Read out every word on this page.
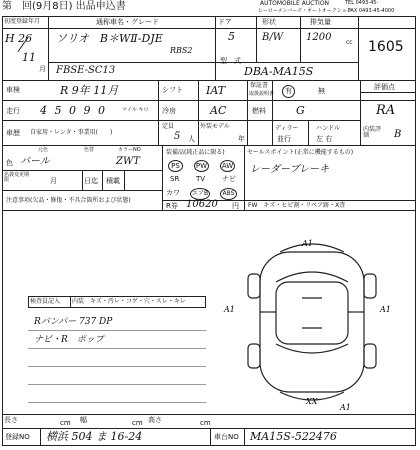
第　回(9月8日) 出品申込書	AUTOMOBILE AUCTION
ヒーローメンバーズ・オートオークション
TEL 0493-45-
FAX 0493-45-4000
初度登録年月
H 26
11
月
通称車名・グレード
ソリオ　B＊WⅡ-DJE
RBS2
ドア
5
形状
B/W
排気量
1200 cc 1605
FBSE-SC13
型　式
DBA-MA15S
車検	R 9年 11月	シフト IAT	保証書
取扱説明書	有	無	評価点
走行 4 5 0 9 0	マイル キロ 冷房	AC	燃料	G	RA
車歴 自家用・レンタ・事業用(　　)
定員
5 人
外装モデル
年
ディラー
並行
ハンドル
左 右
内装評価	B
色
元色
パール
色替	カラーNO
ZWT
名義変更期限	月	日迄 積載
装備品(純正品に限る)
PS	PW AW
SR TV ナビ
カワ	エアB	ABS
R券 10620 円
セールスポイント(正常に機能するもの)
レーダーブレーキ
FW　キズ・ヒビ割・リペア跡・X査
注意事項(欠品・修復・不具合箇所および状態)
検査員記入 内装　キズ・汚レ・コゲ・穴・スレ・キレ
Rバンパー 737 DP
ナビ・R　ポップ
A1
A1	A1
XX
A1
長さ	cm 幅	cm 高さ	cm
登録NO 横浜 504 ま 16-24	車台NO MA15S-522476
